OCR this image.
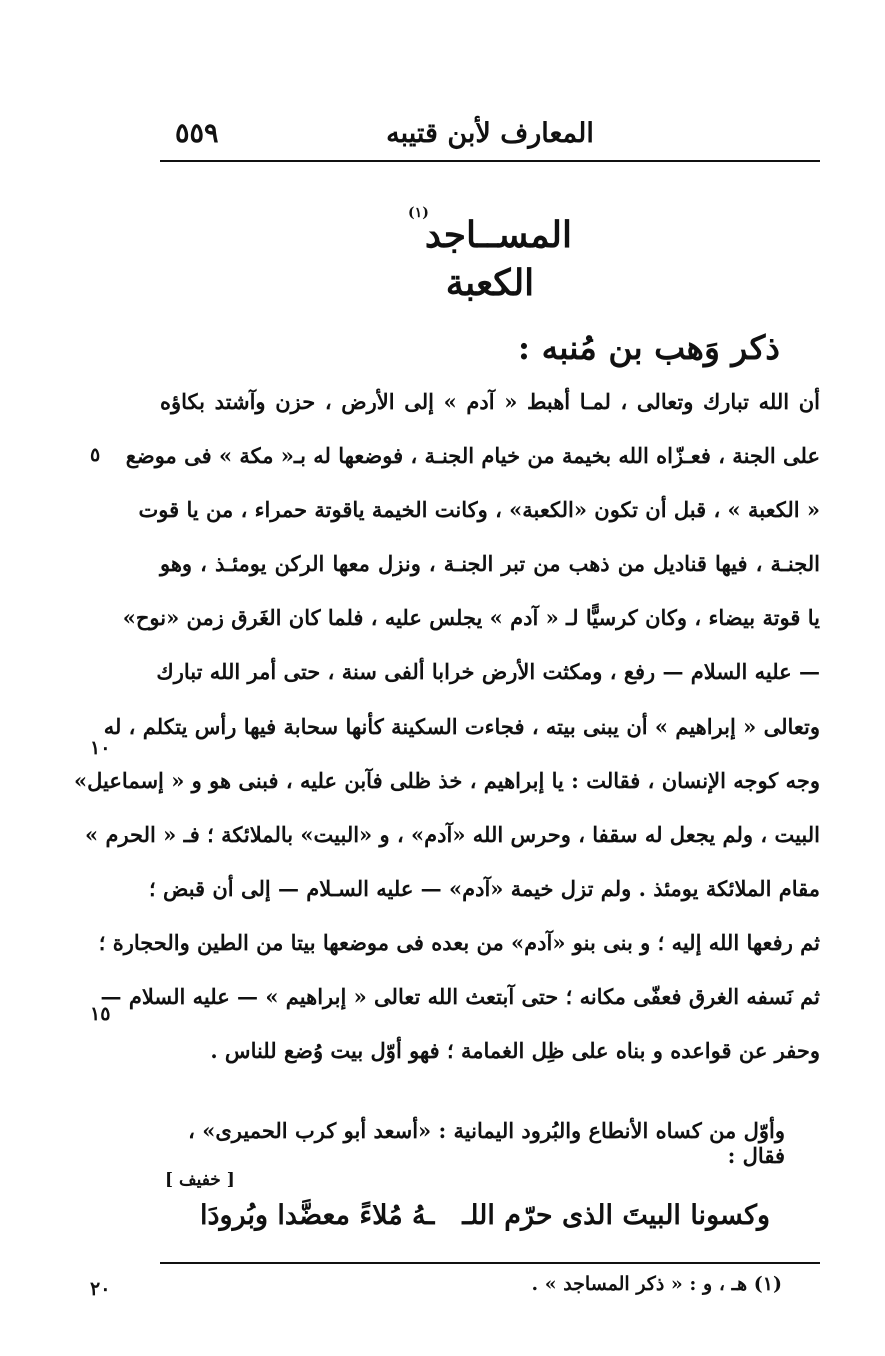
المعارف لأبن قتيبه
٥٥٩
المســاجد$^{(١)}$
الكعبة
ذكر وَهب بن مُنبه :
أن الله تبارك وتعالى ، لمـا أهبط « آدم » إلى الأرض ، حزن وآشتد بكاؤه
على الجنة ، فعـزّاه الله بخيمة من خيام الجنـة ، فوضعها له بـ« مكة » فى موضع
« الكعبة » ، قبل أن تكون «الكعبة» ، وكانت الخيمة ياقوتة حمراء ، من يا قوت
الجنـة ، فيها قناديل من ذهب من تبر الجنـة ، ونزل معها الركن يومئـذ ، وهو
يا قوتة بيضاء ، وكان كرسيًّا لـ « آدم » يجلس عليه ، فلما كان الغَرق زمن «نوح»
— عليه السلام — رفع ، ومكثت الأرض خرابا ألفى سنة ، حتى أمر الله تبارك
وتعالى « إبراهيم » أن يبنى بيته ، فجاءت السكينة كأنها سحابة فيها رأس يتكلم ، له
وجه كوجه الإنسان ، فقالت : يا إبراهيم ، خذ ظلى فآبن عليه ، فبنى هو و « إسماعيل»
البيت ، ولم يجعل له سقفا ، وحرس الله «آدم» ، و «البيت» بالملائكة ؛ فـ « الحرم »
مقام الملائكة يومئذ . ولم تزل خيمة «آدم» — عليه السـلام — إلى أن قبض ؛
ثم رفعها الله إليه ؛ و بنى بنو «آدم» من بعده فى موضعها بيتا من الطين والحجارة ؛
ثم نَسفه الغرق فعفّى مكانه ؛ حتى آبتعث الله تعالى « إبراهيم » — عليه السلام —
وحفر عن قواعده و بناه على ظِل الغمامة ؛ فهو أوّل بيت وُضع للناس .
وأوّل من كساه الأنطاع والبُرود اليمانية : «أسعد أبو كرب الحميرى» ، فقال :
[ خفيف ]
وكسونا البيتَ الذى حرّم اللـ
ـهُ مُلاءً معضَّدا وبُرودَا
٥
١٠
١٥
٢٠	(١) هـ ، و : « ذكر المساجد » .
